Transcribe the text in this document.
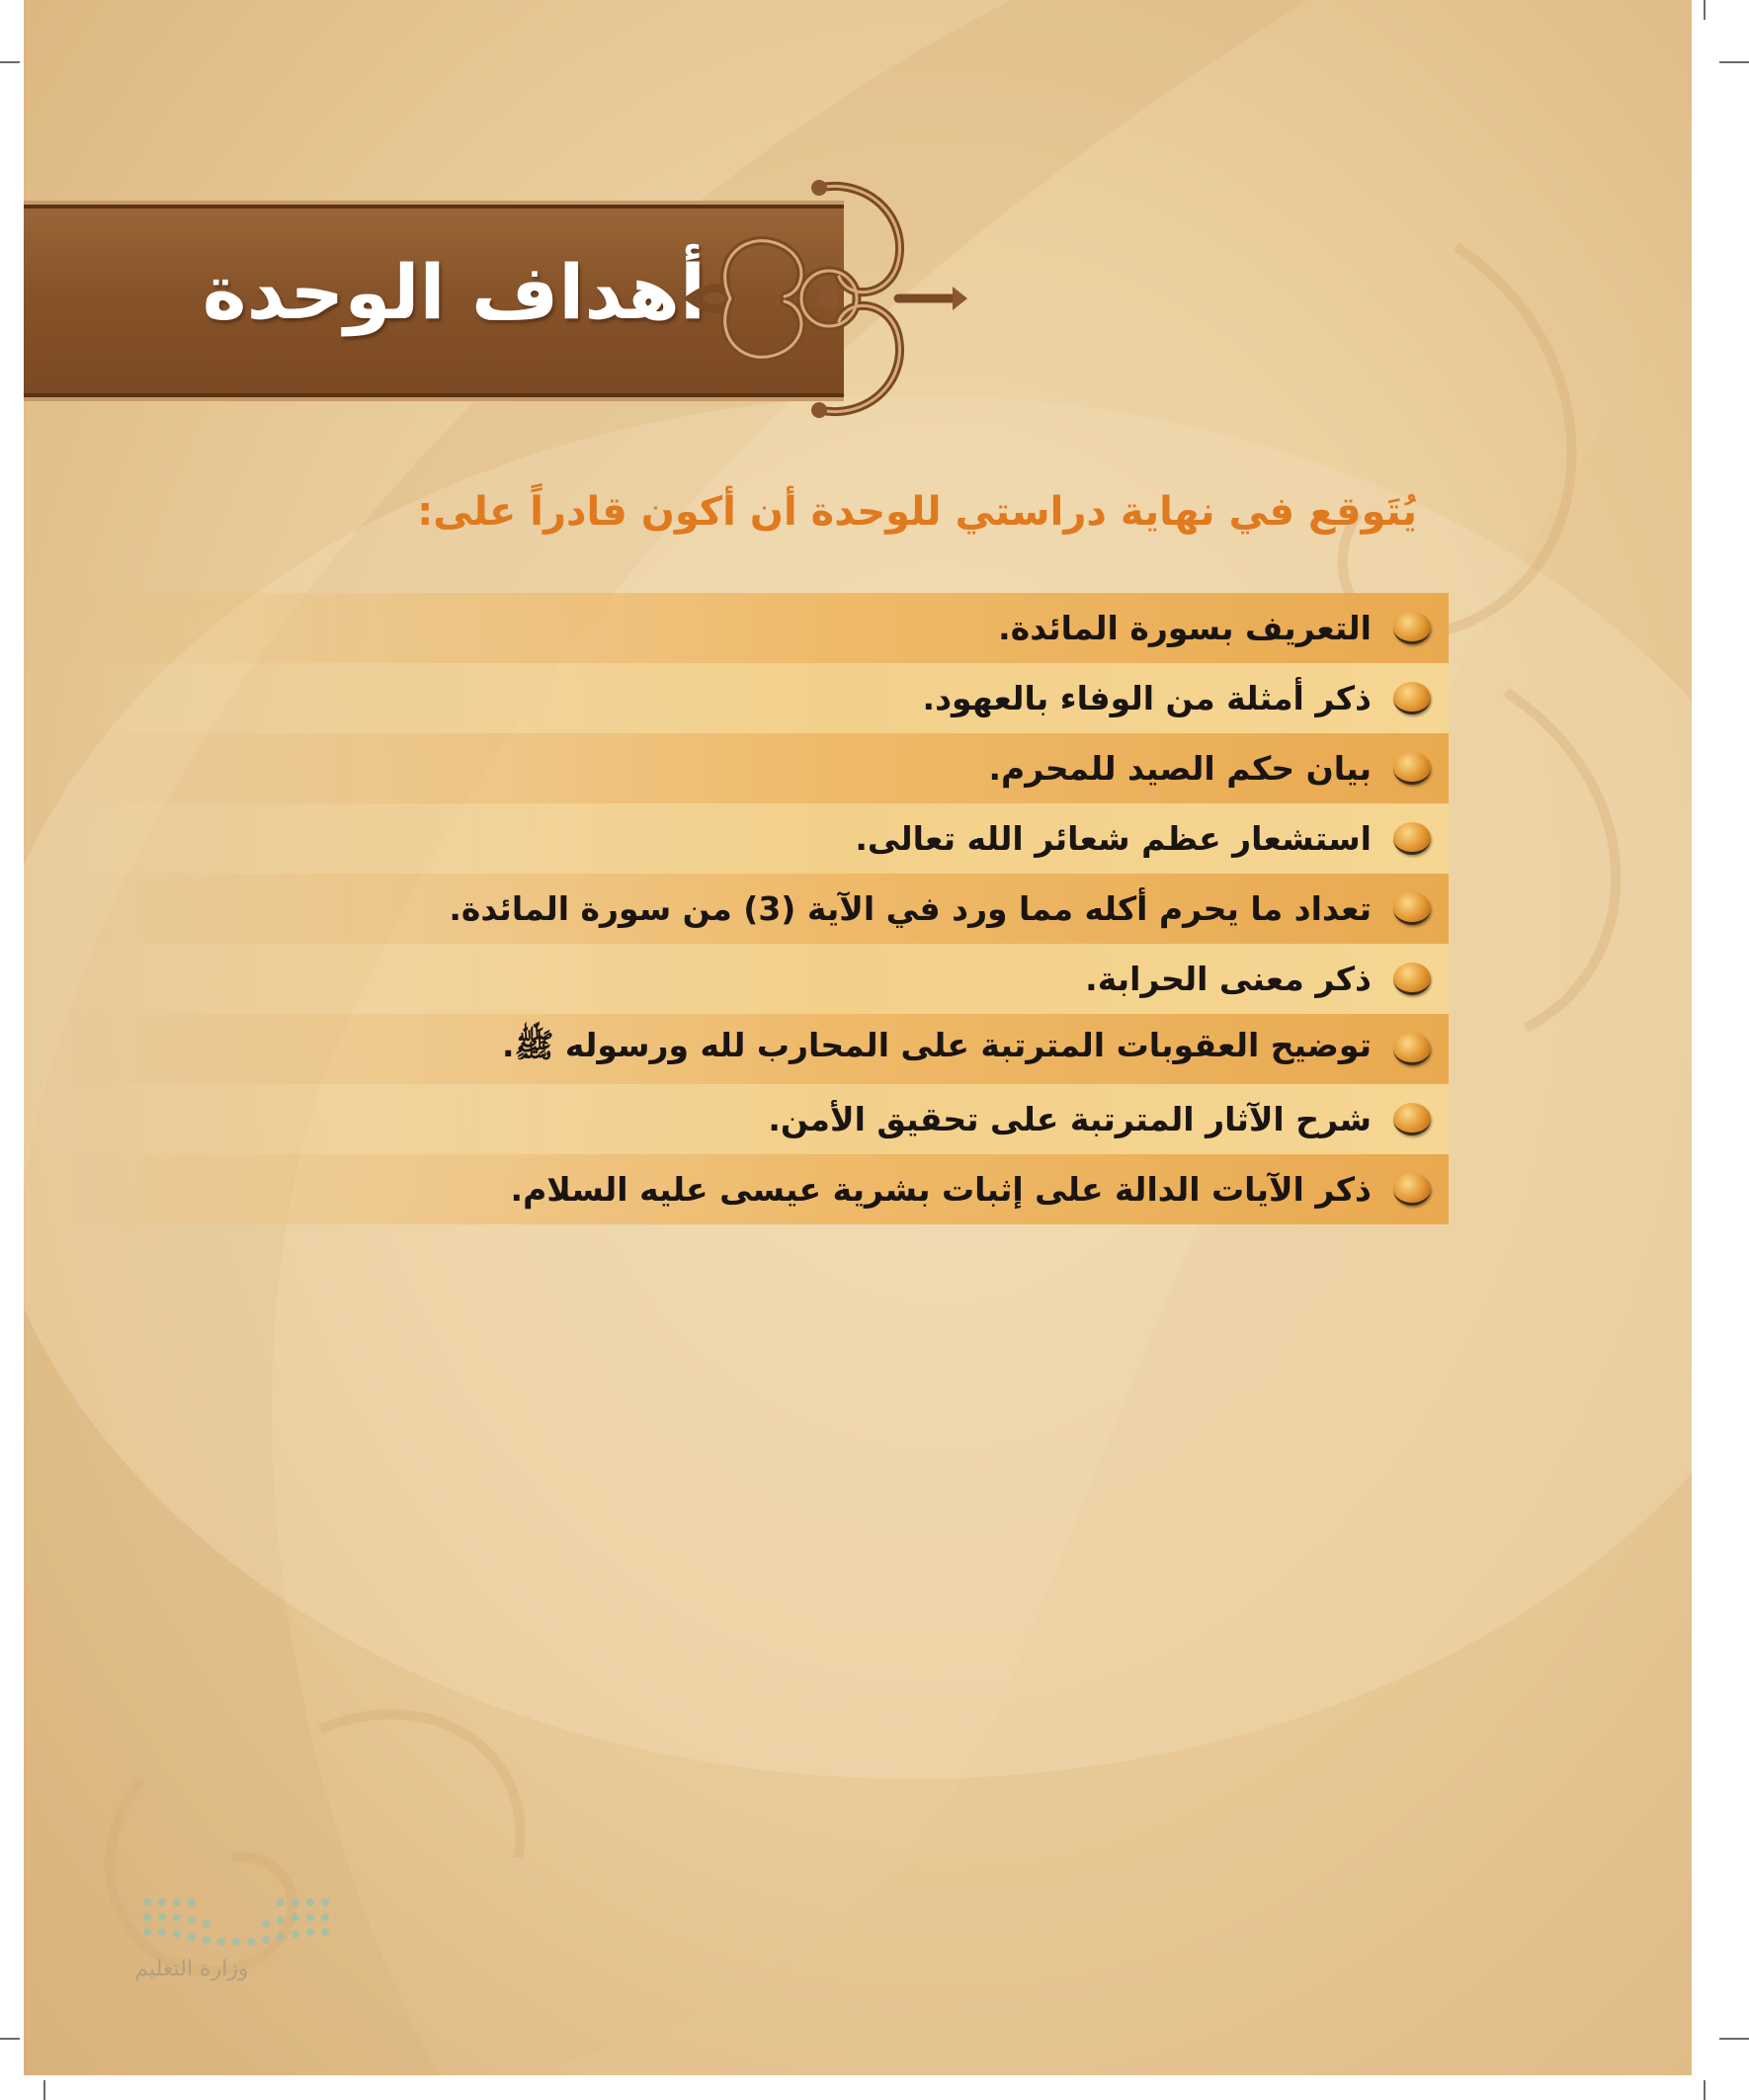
أهداف الوحدة

يُتَوقع في نهاية دراستي للوحدة أن أكون قادراً على:

التعريف بسورة المائدة.
ذكر أمثلة من الوفاء بالعهود.
بيان حكم الصيد للمحرم.
استشعار عظم شعائر الله تعالى.
تعداد ما يحرم أكله مما ورد في الآية (3) من سورة المائدة.
ذكر معنى الحرابة.
توضيح العقوبات المترتبة على المحارب لله ورسوله ﷺ.
شرح الآثار المترتبة على تحقيق الأمن.
ذكر الآيات الدالة على إثبات بشرية عيسى عليه السلام.
وزارة التعليم
